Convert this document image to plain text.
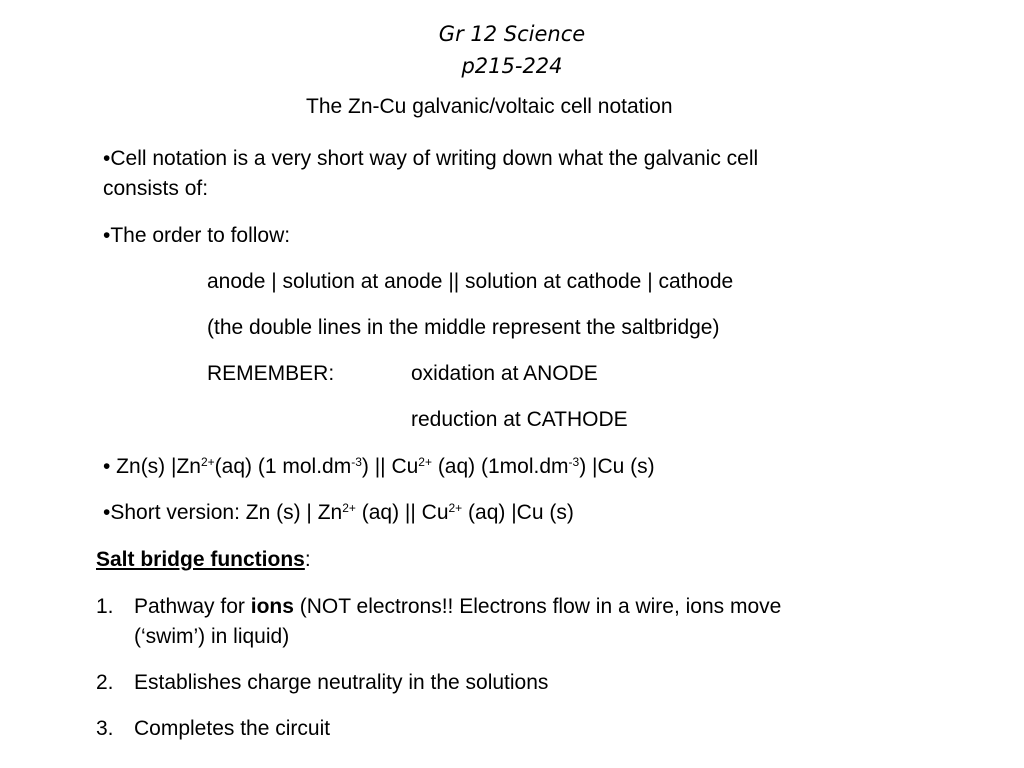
Gr 12 Science
p215-224
The Zn-Cu galvanic/voltaic cell notation
•Cell notation is a very short way of writing down what the galvanic cell
consists of:
•The order to follow:
anode | solution at anode || solution at cathode | cathode
(the double lines in the middle represent the saltbridge)
REMEMBER:	oxidation at ANODE
reduction at CATHODE
• Zn(s) $|Zn^{2+}(aq)$ (1 $mol.dm^{-3}$) || $Cu^{2+}$ (aq) $(1mol.dm^{-3})$ |Cu (s)
•Short version: Zn (s) | $Zn^{2+}$ (aq) || $Cu^{2+}$ (aq) |Cu (s)
Salt bridge functions:
1. Pathway for ions (NOT electrons!! Electrons flow in a wire, ions move
(‘swim’) in liquid)
2. Establishes charge neutrality in the solutions
3. Completes the circuit
